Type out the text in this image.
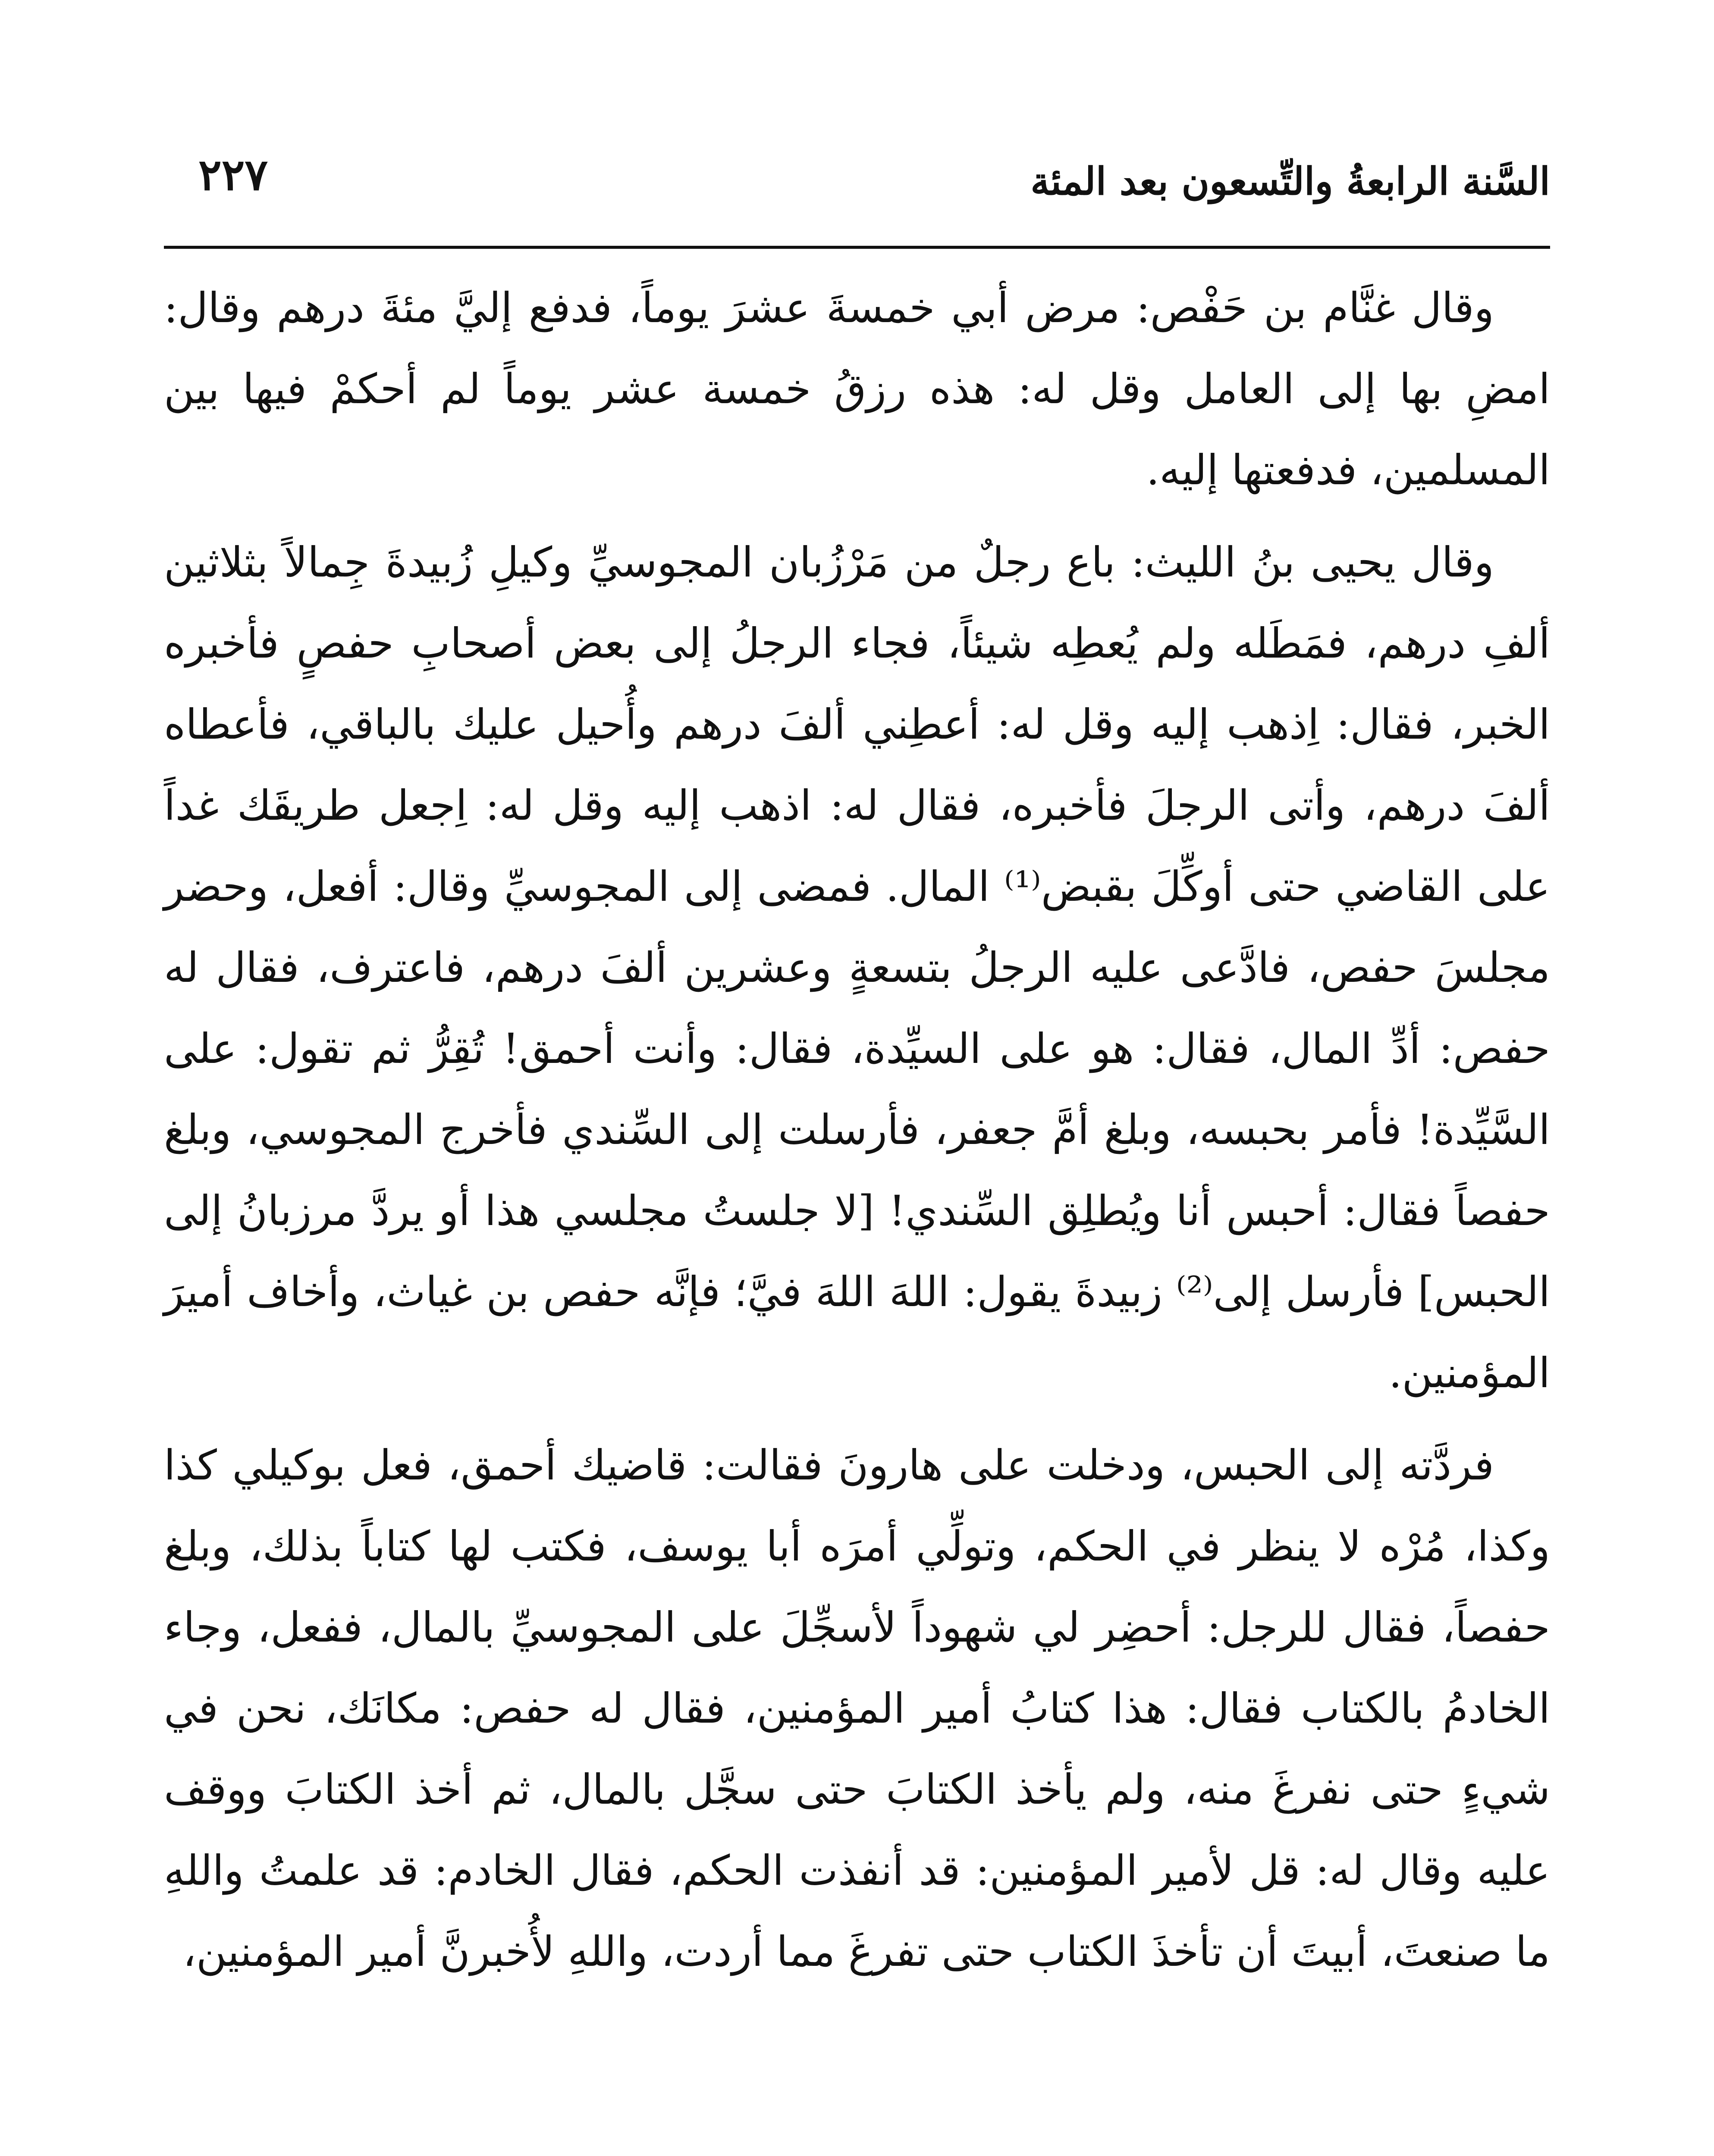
السَّنة الرابعةُ والتِّسعون بعد المئة
٢٢٧

وقال غنَّام بن حَفْص: مرض أبي خمسةَ عشرَ يوماً، فدفع إليَّ مئةَ درهم وقال: امضِ بها إلى العامل وقل له: هذه رزقُ خمسة عشر يوماً لم أحكمْ فيها بين المسلمين، فدفعتها إليه.

وقال يحيى بنُ الليث: باع رجلٌ من مَرْزُبان المجوسيِّ وكيلِ زُبيدةَ جِمالاً بثلاثين ألفِ درهم، فمَطَله ولم يُعطِه شيئاً، فجاء الرجلُ إلى بعض أصحابِ حفصٍ فأخبره الخبر، فقال: اِذهب إليه وقل له: أعطِني ألفَ درهم وأُحيل عليك بالباقي، فأعطاه ألفَ درهم، وأتى الرجلَ فأخبره، فقال له: اذهب إليه وقل له: اِجعل طريقَك غداً على القاضي حتى أوكِّلَ بقبض⁽¹⁾ المال. فمضى إلى المجوسيِّ وقال: أفعل، وحضر مجلسَ حفص، فادَّعى عليه الرجلُ بتسعةٍ وعشرين ألفَ درهم، فاعترف، فقال له حفص: أدِّ المال، فقال: هو على السيِّدة، فقال: وأنت أحمق! تُقِرُّ ثم تقول: على السَّيِّدة! فأمر بحبسه، وبلغ أمَّ جعفر، فأرسلت إلى السِّندي فأخرج المجوسي، وبلغ حفصاً فقال: أحبس أنا ويُطلِق السِّندي! [لا جلستُ مجلسي هذا أو يردَّ مرزبانُ إلى الحبس] فأرسل إلى⁽²⁾ زبيدةَ يقول: اللهَ اللهَ فيَّ؛ فإنَّه حفص بن غياث، وأخاف أميرَ المؤمنين.

فردَّته إلى الحبس، ودخلت على هارونَ فقالت: قاضيك أحمق، فعل بوكيلي كذا وكذا، مُرْه لا ينظر في الحكم، وتولِّي أمرَه أبا يوسف، فكتب لها كتاباً بذلك، وبلغ حفصاً، فقال للرجل: أحضِر لي شهوداً لأسجِّلَ على المجوسيِّ بالمال، ففعل، وجاء الخادمُ بالكتاب فقال: هذا كتابُ أمير المؤمنين، فقال له حفص: مكانَك، نحن في شيءٍ حتى نفرغَ منه، ولم يأخذ الكتابَ حتى سجَّل بالمال، ثم أخذ الكتابَ ووقف عليه وقال له: قل لأمير المؤمنين: قد أنفذت الحكم، فقال الخادم: قد علمتُ واللهِ ما صنعتَ، أبيتَ أن تأخذَ الكتاب حتى تفرغَ مما أردت، واللهِ لأُخبرنَّ أمير المؤمنين،
